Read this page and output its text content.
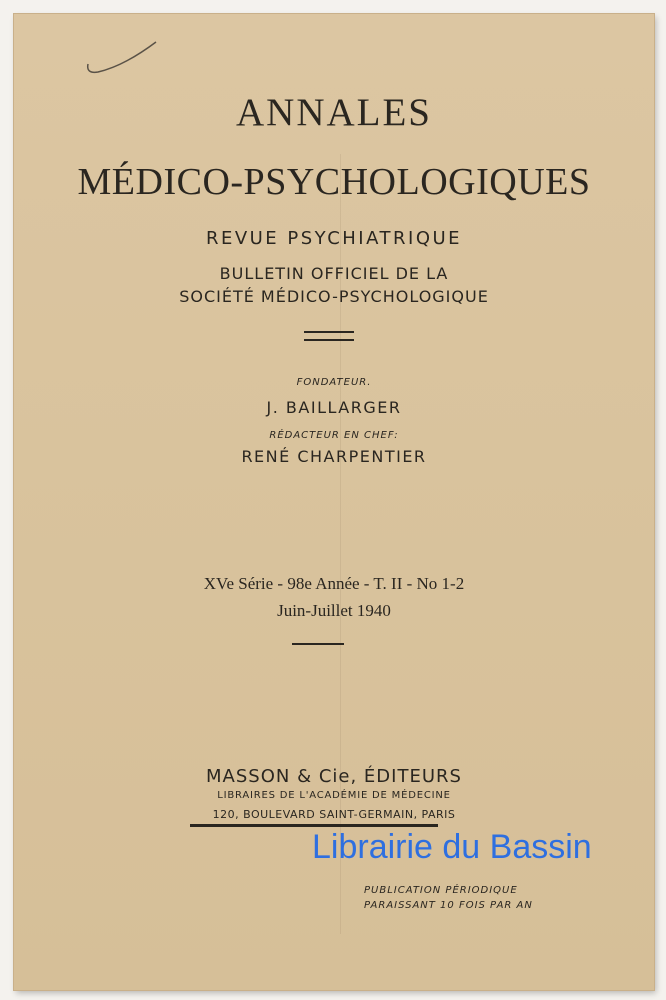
ANNALES

MÉDICO-PSYCHOLOGIQUES

REVUE PSYCHIATRIQUE

BULLETIN OFFICIEL DE LA

SOCIÉTÉ MÉDICO-PSYCHOLOGIQUE

FONDATEUR.

J. BAILLARGER

RÉDACTEUR EN CHEF:

RENÉ CHARPENTIER

XVe Série - 98e Année - T. II - No 1-2

Juin-Juillet 1940

MASSON & Cie, ÉDITEURS

LIBRAIRES DE L'ACADÉMIE DE MÉDECINE

120, BOULEVARD SAINT-GERMAIN, PARIS

PUBLICATION PÉRIODIQUE

PARAISSANT 10 FOIS PAR AN

Librairie du Bassin
